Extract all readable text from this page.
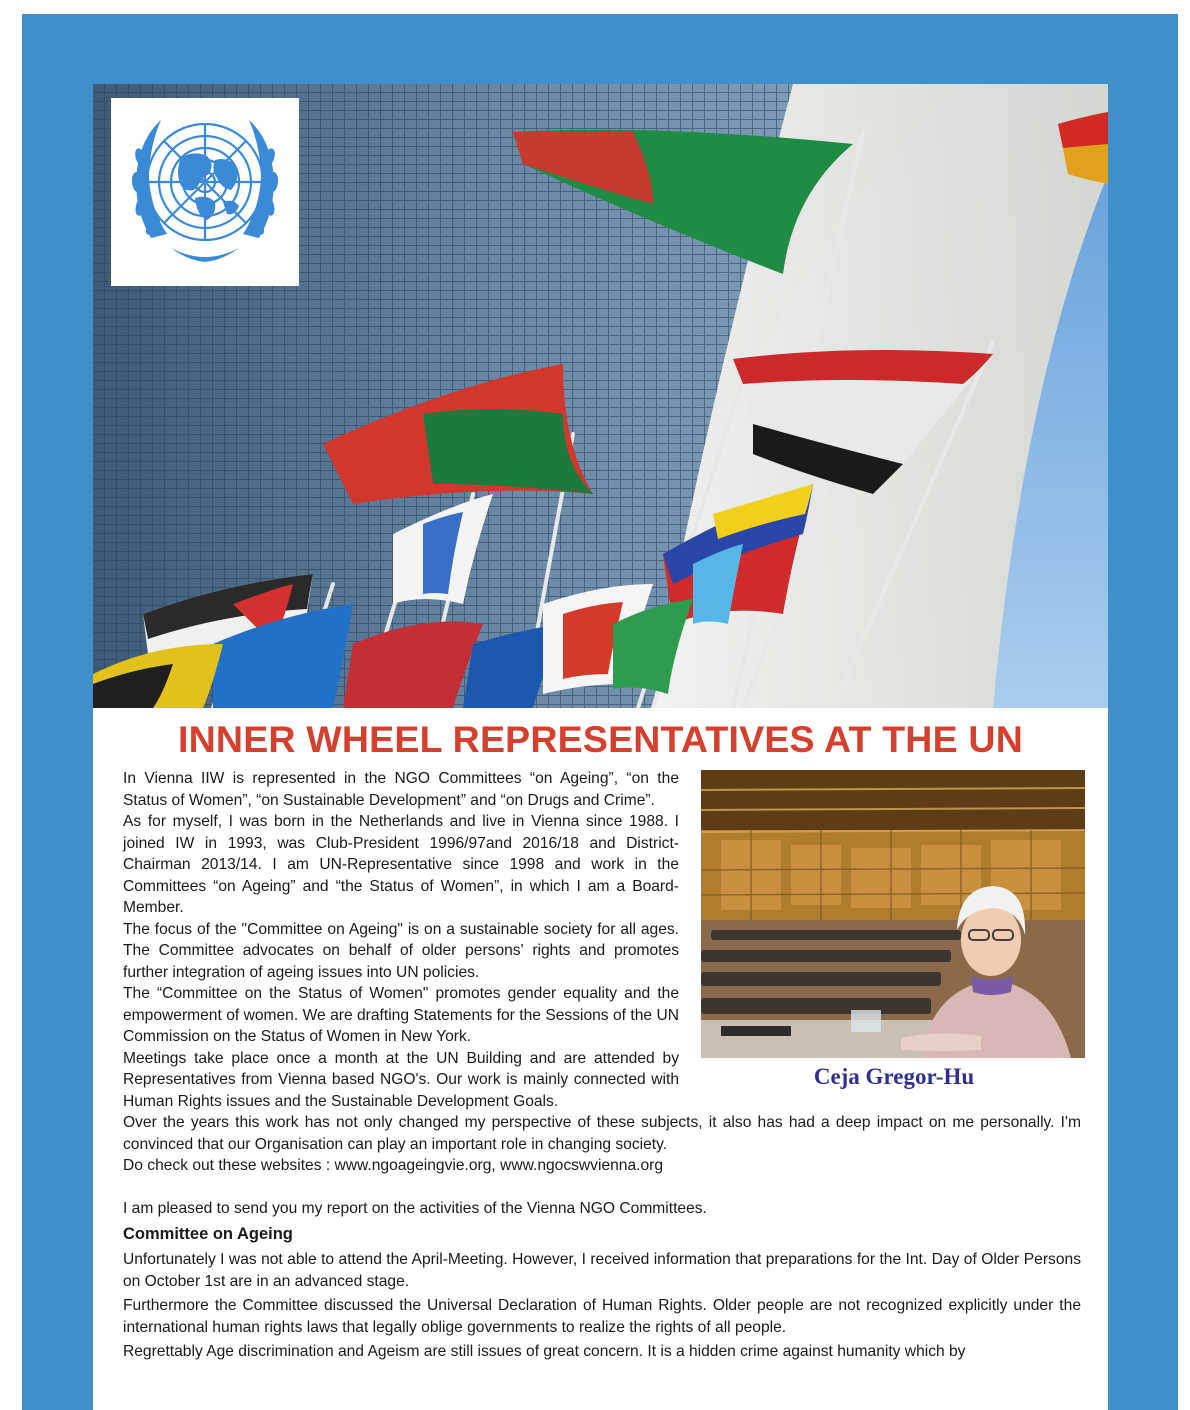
INNER WHEEL REPRESENTATIVES AT THE UN
Ceja Gregor-Hu

In Vienna IIW is represented in the NGO Committees “on Ageing”, “on the Status of Women”, “on Sustainable Development” and “on Drugs and Crime”.

As for myself, I was born in the Netherlands and live in Vienna since 1988. I joined IW in 1993, was Club-President 1996/97and 2016/18 and District-Chairman 2013/14. I am UN-Representative since 1998 and work in the Committees “on Ageing” and “the Status of Women”, in which I am a Board-Member.

The focus of the "Committee on Ageing" is on a sustainable society for all ages. The Committee advocates on behalf of older persons' rights and promotes further integration of ageing issues into UN policies.

The “Committee on the Status of Women" promotes gender equality and the empowerment of women. We are drafting Statements for the Sessions of the UN Commission on the Status of Women in New York.

Meetings take place once a month at the UN Building and are attended by Representatives from Vienna based NGO's. Our work is mainly connected with Human Rights issues and the Sustainable Development Goals.

Over the years this work has not only changed my perspective of these subjects, it also has had a deep impact on me personally. I'm convinced that our Organisation can play an important role in changing society.

Do check out these websites : www.ngoageingvie.org, www.ngocswvienna.org

I am pleased to send you my report on the activities of the Vienna NGO Committees.

Committee on Ageing

Unfortunately I was not able to attend the April-Meeting. However, I received information that preparations for the Int. Day of Older Persons on October 1st are in an advanced stage.

Furthermore the Committee discussed the Universal Declaration of Human Rights. Older people are not recognized explicitly under the international human rights laws that legally oblige governments to realize the rights of all people.

Regrettably Age discrimination and Ageism are still issues of great concern. It is a hidden crime against humanity which by
